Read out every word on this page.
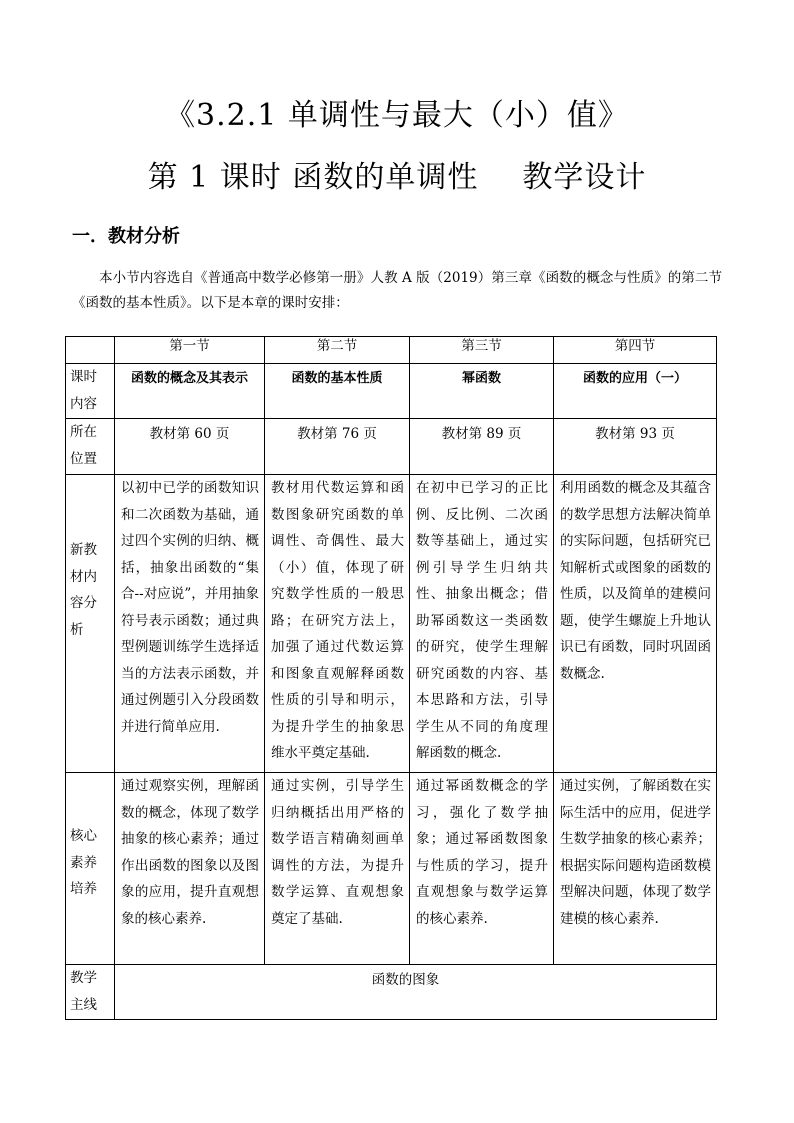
《3.2.1 单调性与最大（小）值》
第 1 课时 函数的单调性 教学设计
一．教材分析
本小节内容选自《普通高中数学必修第一册》人教 A 版（2019）第三章《函数的概念与性质》的第二节《函数的基本性质》。以下是本章的课时安排：
	第一节	第二节	第三节	第四节
课时内容	函数的概念及其表示	函数的基本性质	幂函数	函数的应用（一）
所在位置	教材第 60 页	教材第 76 页	教材第 89 页	教材第 93 页

新教材内容分析	以初中已学的函数知识和二次函数为基础，通过四个实例的归纳、概括，抽象出函数的“集合--对应说”，并用抽象符号表示函数；通过典型例题训练学生选择适当的方法表示函数，并通过例题引入分段函数并进行简单应用.	教材用代数运算和函数图象研究函数的单调性、奇偶性、最大（小）值，体现了研究数学性质的一般思路；在研究方法上，加强了通过代数运算和图象直观解释函数性质的引导和明示，为提升学生的抽象思维水平奠定基础.	在初中已学习的正比例、反比例、二次函数等基础上，通过实例引导学生归纳共性、抽象出概念；借助幂函数这一类函数的研究，使学生理解研究函数的内容、基本思路和方法，引导学生从不同的角度理解函数的概念.	利用函数的概念及其蕴含的数学思想方法解决简单的实际问题，包括研究已知解析式或图象的函数的性质，以及简单的建模问题，使学生螺旋上升地认识已有函数，同时巩固函数概念.

核心素养培养	通过观察实例，理解函数的概念，体现了数学抽象的核心素养；通过作出函数的图象以及图象的应用，提升直观想象的核心素养.	通过实例，引导学生归纳概括出用严格的数学语言精确刻画单调性的方法，为提升数学运算、直观想象奠定了基础.	通过幂函数概念的学习，强化了数学抽象；通过幂函数图象与性质的学习，提升直观想象与数学运算的核心素养.	通过实例，了解函数在实际生活中的应用，促进学生数学抽象的核心素养；根据实际问题构造函数模型解决问题，体现了数学建模的核心素养.
教学主线	函数的图象			
